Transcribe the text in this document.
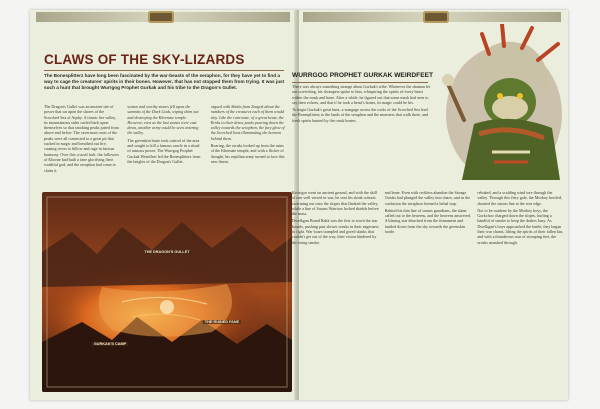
CLAWS OF THE SKY-LIZARDS

The Bonesplitterz have long been fascinated by the war-beasts of the seraphon, for they have yet to find a way to cage the creatures' spirits in their bones. However, that has not stopped them from trying. It was just such a hunt that brought Wurrgog Prophet Gurkak and his tribe to the Dragon's Gullet.

The Dragon's Gullet was an ancient site of power that sat upon the shores of the Scorched Sea of Aqshy. A titanic fire valley, its mountainous sides curled back upon themselves so that smoking peaks jutted from above and below. The cavernous roots of the peaks were all connected to a great pit that sucked in magic and breathed out fire, causing rivers to billow and rage in furious harmony. Over this crucial fork, the followers of Khorne had built a fane glorifying their wrathful god, and the seraphon had come to claim it.

seaton and worthy stones fell upon the summits of the Dark Gods, wiping them out and destroying the Khornate temple. However, even as the last stones were cast down, another army could be seen entering the valley.

The greenskin brute took control of the area and sought to kill a famous oracle in a ritual of ruinous power. The Wurrgog Prophet Gurkak Weirdfeet led the Bonesplitterz from the heights of the Dragon's Gullet.

argued with Skinks from Zengok about the numbers of the creatures each of them would slay. Like the ruin-taste, of a great beast, the Kroks in their dense packs pouring down the valley towards the seraphon, the fury glow of the Scorched Seas illuminating the horizon behind them.

Roaring, the orruks looked up from the ruins of the Khornate temple, and with a flicker of thought, his reptilian army turned to face this new threat.

THE DRAGON'S GULLET
GURKAK'S CAMP
THE RUINED FANE
WURRGOG PROPHET GURKAK WEIRDFEET

There was always something strange about Gurkak's tribe. Whenever the shaman let out screeching, his chompers spoke to him, whispering the spirits of every beast within the mask and bone. After a while, he figured out that some mask had seen to say their echoes, and that if he took a beast's bones, its magic could be his.

To begin Gurkak's great hunt, a wangage across the rocks of the Scorched Sea lead the Bonesplitterz to the lands of the seraphon and the monsters that walk there, and fresh spirits hunted by the orruk brutes.

Kroxigor went on ancient ground, and with the skill of one well versed in war, he sent his skink cohorts swarming out onto the slopes that flanked the valley, while a line of Saurus Warriors locked shields before the mass.

Dwelkgan Brand Rakk was the first to reach the star lizards, pushing past slower orruks in their eagerness to fight. War boars trampled and gored skinks that couldn't get out of the way, their vision hindered by the rising smoke.

and bone. Even with reckless abandon the Savage Orruks had plunged the valley into chaos, and in the confusion the seraphon formed a lethal trap.

Behind his thin line of saurus guardians, the slann called out to the heavens, and the heavens answered. A blazing star detached from the firmament and hurtled down from the sky towards the greenskin horde.

rebuked, and a scalding wind tore through the valley. Through this fiery gale, the Morboy howled, shouted the saurus line at the rear edge.

Not to be outdone by the Morboy boys, the Gorkchoo charged down the slopes, hurling a handful of smoke to keep the drakes busy. As Dwelkgan's boys approached the battle, they began their war chants, lifting the spirits of their fallen kin, and with a thunderous roar of stomping feet, the orruks smashed through.
